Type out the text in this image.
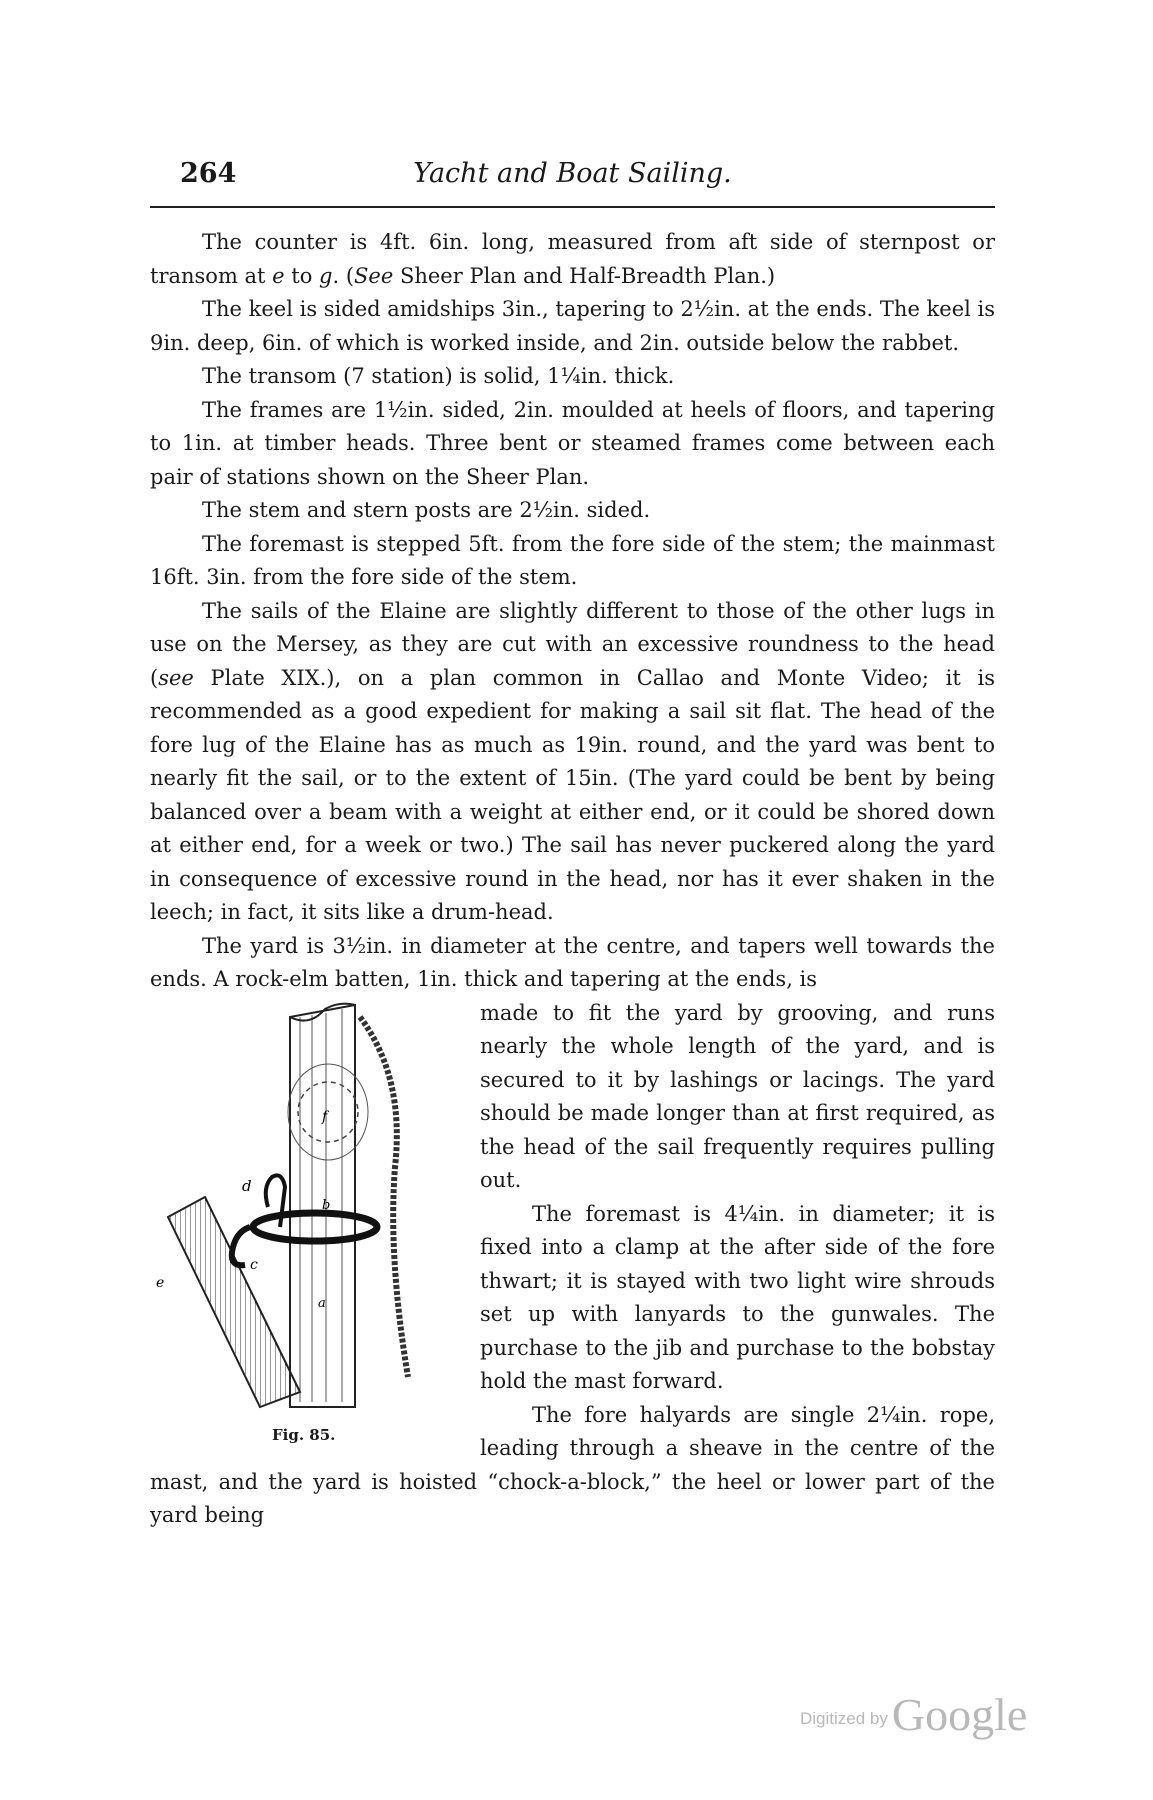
264	Yacht and Boat Sailing.

The counter is 4ft. 6in. long, measured from aft side of sternpost or transom at e to g. (See Sheer Plan and Half-Breadth Plan.)

The keel is sided amidships 3in., tapering to 2½in. at the ends. The keel is 9in. deep, 6in. of which is worked inside, and 2in. outside below the rabbet.

The transom (7 station) is solid, 1¼in. thick.

The frames are 1½in. sided, 2in. moulded at heels of floors, and tapering to 1in. at timber heads. Three bent or steamed frames come between each pair of stations shown on the Sheer Plan.

The stem and stern posts are 2½in. sided.

The foremast is stepped 5ft. from the fore side of the stem; the mainmast 16ft. 3in. from the fore side of the stem.

The sails of the Elaine are slightly different to those of the other lugs in use on the Mersey, as they are cut with an excessive roundness to the head (see Plate XIX.), on a plan common in Callao and Monte Video; it is recommended as a good expedient for making a sail sit flat. The head of the fore lug of the Elaine has as much as 19in. round, and the yard was bent to nearly fit the sail, or to the extent of 15in. (The yard could be bent by being balanced over a beam with a weight at either end, or it could be shored down at either end, for a week or two.) The sail has never puckered along the yard in consequence of excessive round in the head, nor has it ever shaken in the leech; in fact, it sits like a drum-head.

The yard is 3½in. in diameter at the centre, and tapers well towards the ends. A rock-elm batten, 1in. thick and tapering at the ends, is

d
f
b
a
c
e
Fig. 85.

made to fit the yard by grooving, and runs nearly the whole length of the yard, and is secured to it by lashings or lacings. The yard should be made longer than at first required, as the head of the sail frequently requires pulling out.

The foremast is 4¼in. in diameter; it is fixed into a clamp at the after side of the fore thwart; it is stayed with two light wire shrouds set up with lanyards to the gunwales. The purchase to the jib and purchase to the bobstay hold the mast forward.

The fore halyards are single 2¼in. rope, leading through a sheave in the centre of the mast, and the yard is hoisted “chock-a-block,” the heel or lower part of the yard being

Digitized byGoogle
